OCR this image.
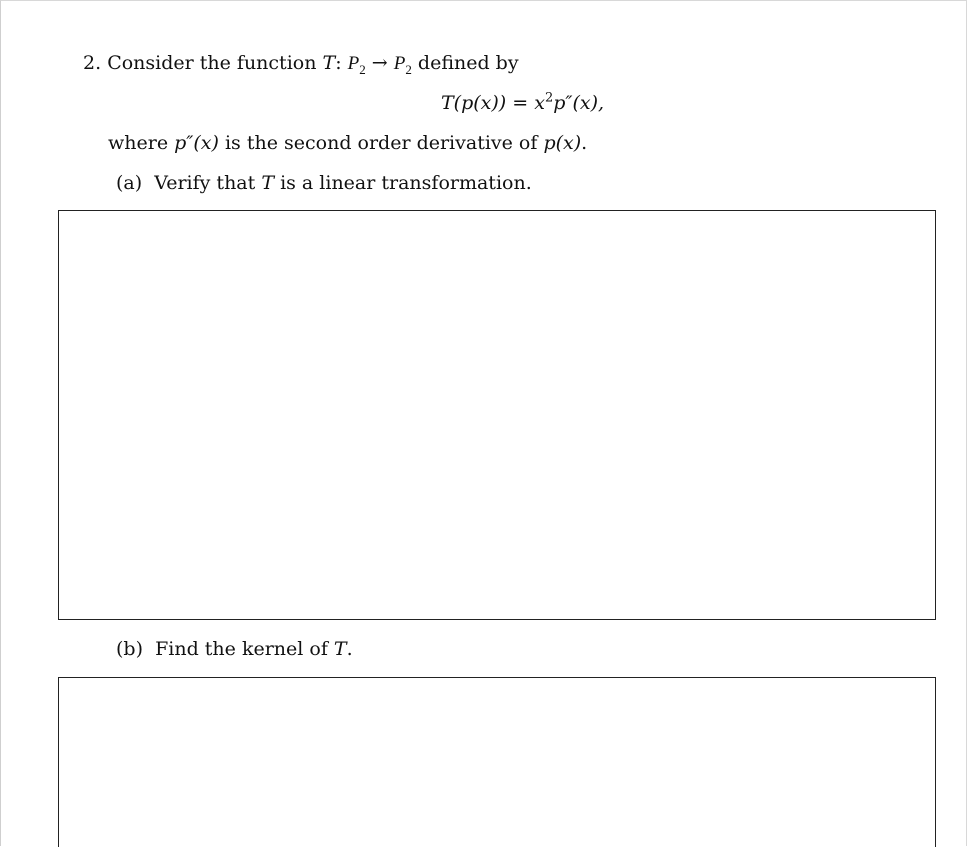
2. Consider the function T: $P_2 \to P_2$ defined by
$T(p(x)) = x^2p''(x)$,
where p″(x) is the second order derivative of p(x).
(a) Verify that T is a linear transformation.
(b) Find the kernel of T.
